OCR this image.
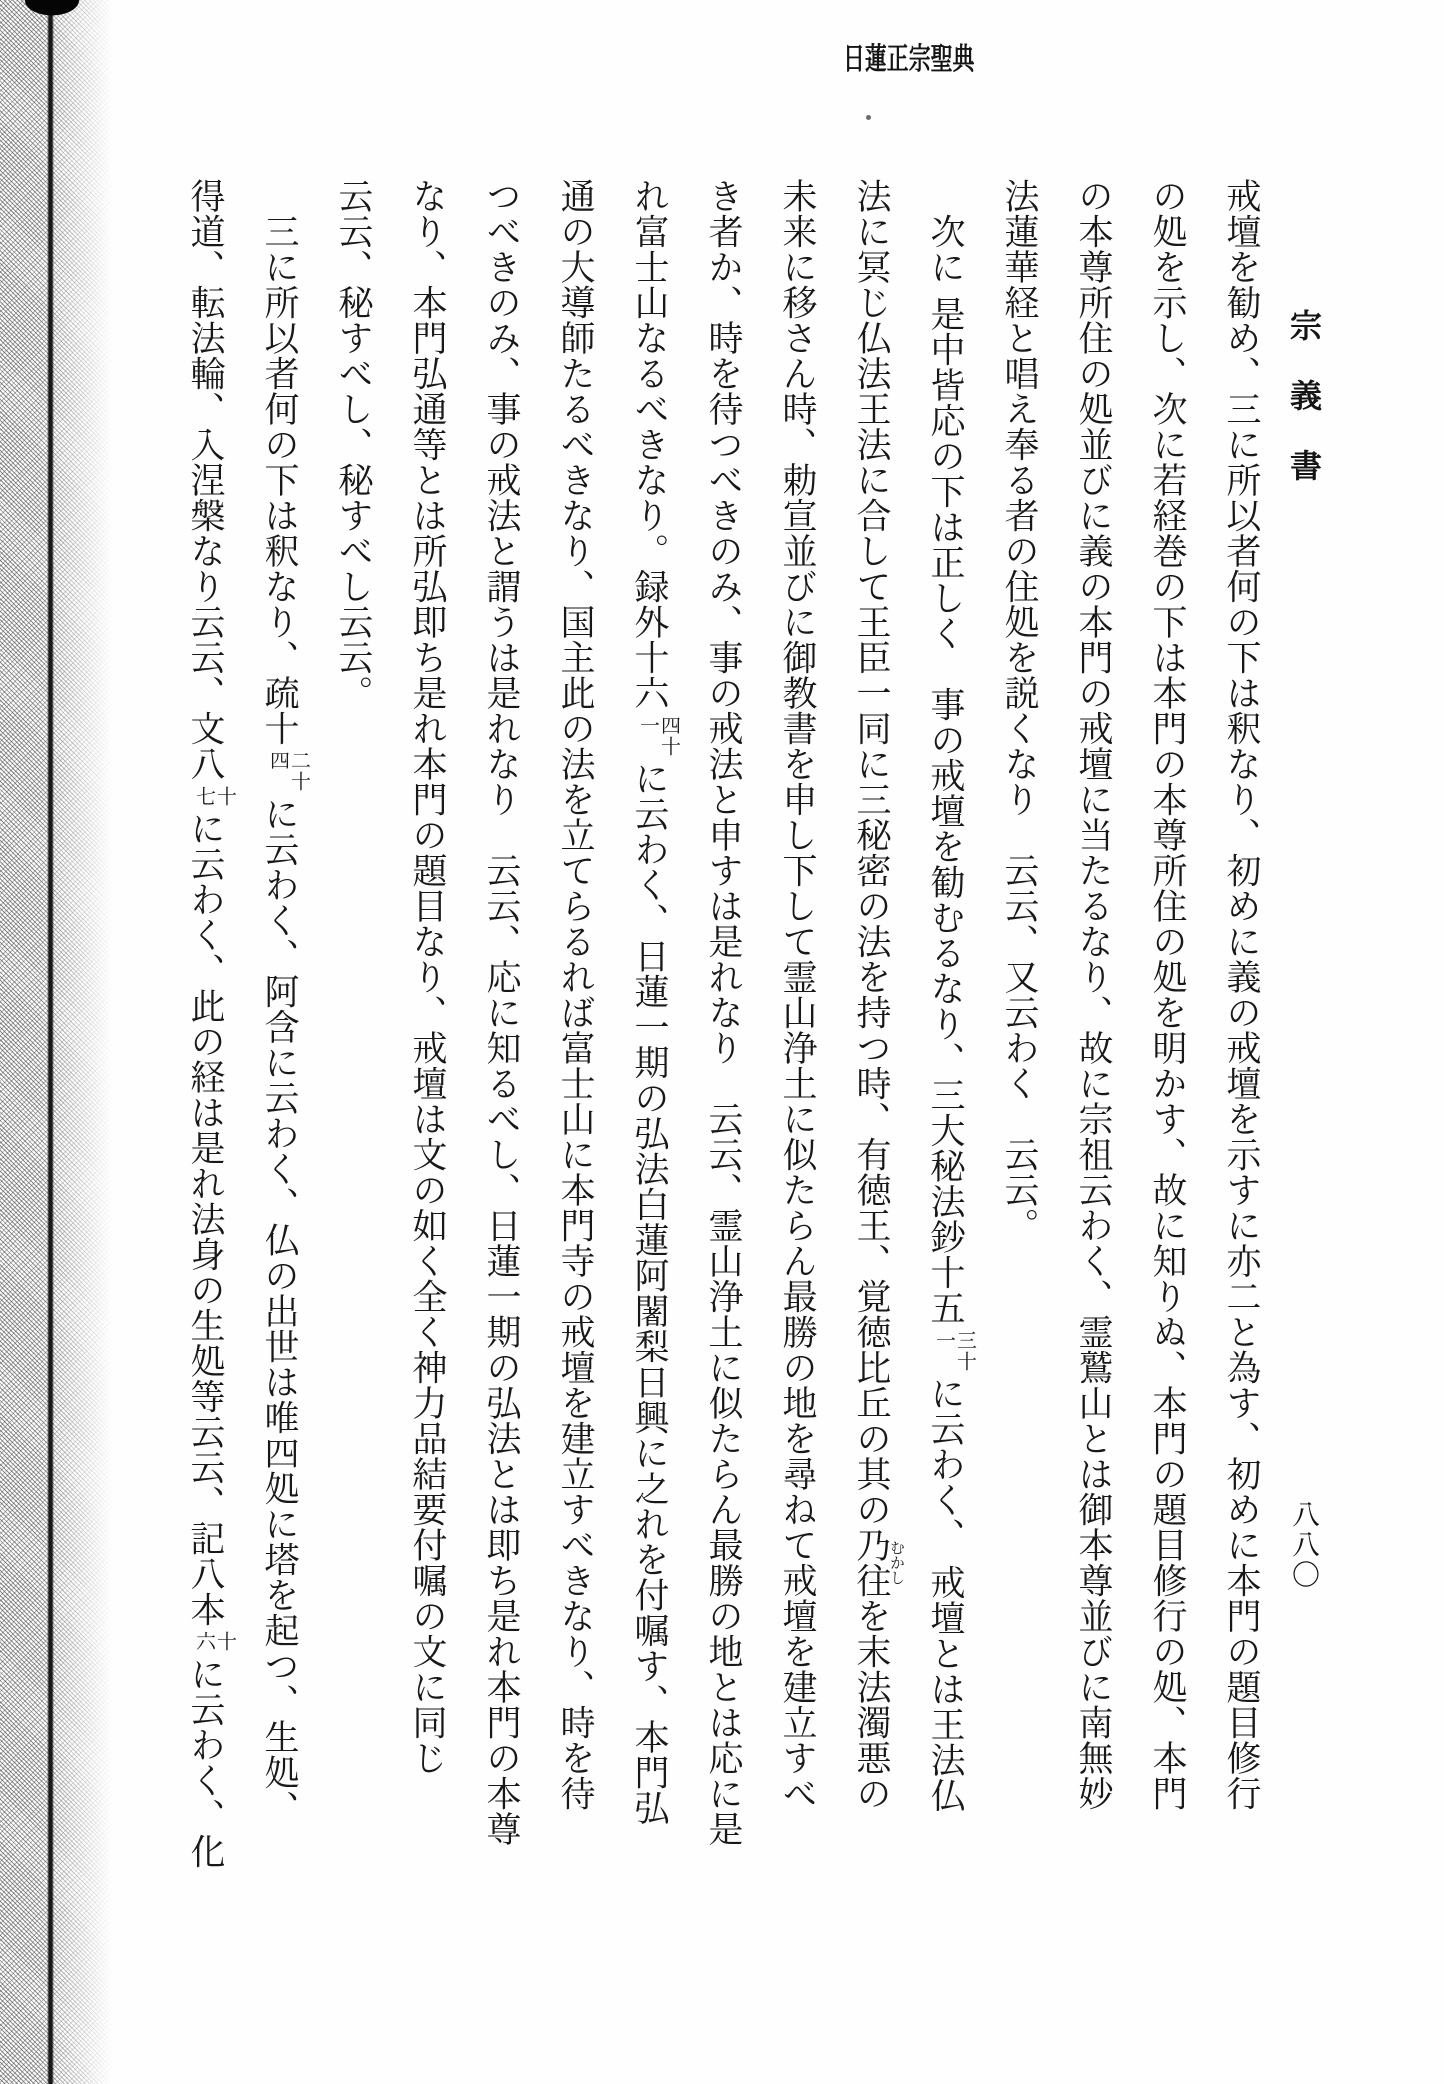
日蓮正宗聖典
宗義書
八八〇
戒壇を勧め、三に所以者何の下は釈なり、初めに義の戒壇を示すに亦二と為す、初めに本門の題目修行
の処を示し、次に若経巻の下は本門の本尊所住の処を明かす、故に知りぬ、本門の題目修行の処、本門
の本尊所住の処並びに義の本門の戒壇に当たるなり、故に宗祖云わく、霊鷲山とは御本尊並びに南無妙
法蓮華経と唱え奉る者の住処を説くなり　云云、又云わく　云云。
　次に 是中皆応の下は正しく　事の戒壇を勧むるなり、三大秘法鈔十五
三十
一
に云わく、 戒壇とは王法仏
法に冥じ仏法王法に合して王臣一同に三秘密の法を持つ時、有徳王、覚徳比丘の其の乃往むかしを末法濁悪の
未来に移さん時、勅宣並びに御教書を申し下して霊山浄土に似たらん最勝の地を尋ねて戒壇を建立すべ
き者か、時を待つべきのみ、事の戒法と申すは是れなり　云云、霊山浄土に似たらん最勝の地とは応に是
れ富士山なるべきなり。録外十六
四十
一
に云わく、日蓮一期の弘法白蓮阿闍梨日興に之れを付嘱す、本門弘
通の大導師たるべきなり、国主此の法を立てらるれば富士山に本門寺の戒壇を建立すべきなり、時を待
つべきのみ、事の戒法と謂うは是れなり　云云、応に知るべし、日蓮一期の弘法とは即ち是れ本門の本尊
なり、本門弘通等とは所弘即ち是れ本門の題目なり、戒壇は文の如く全く神力品結要付嘱の文に同じ
云云、秘すべし、秘すべし云云。
　三に所以者何の下は釈なり、疏十
二十
四
に云わく、阿含に云わく、仏の出世は唯四処に塔を起つ、生処、
得道、転法輪、入涅槃なり云云、文八
十
七
に云わく、此の経は是れ法身の生処等云云、記八本
十
六
に云わく、化
